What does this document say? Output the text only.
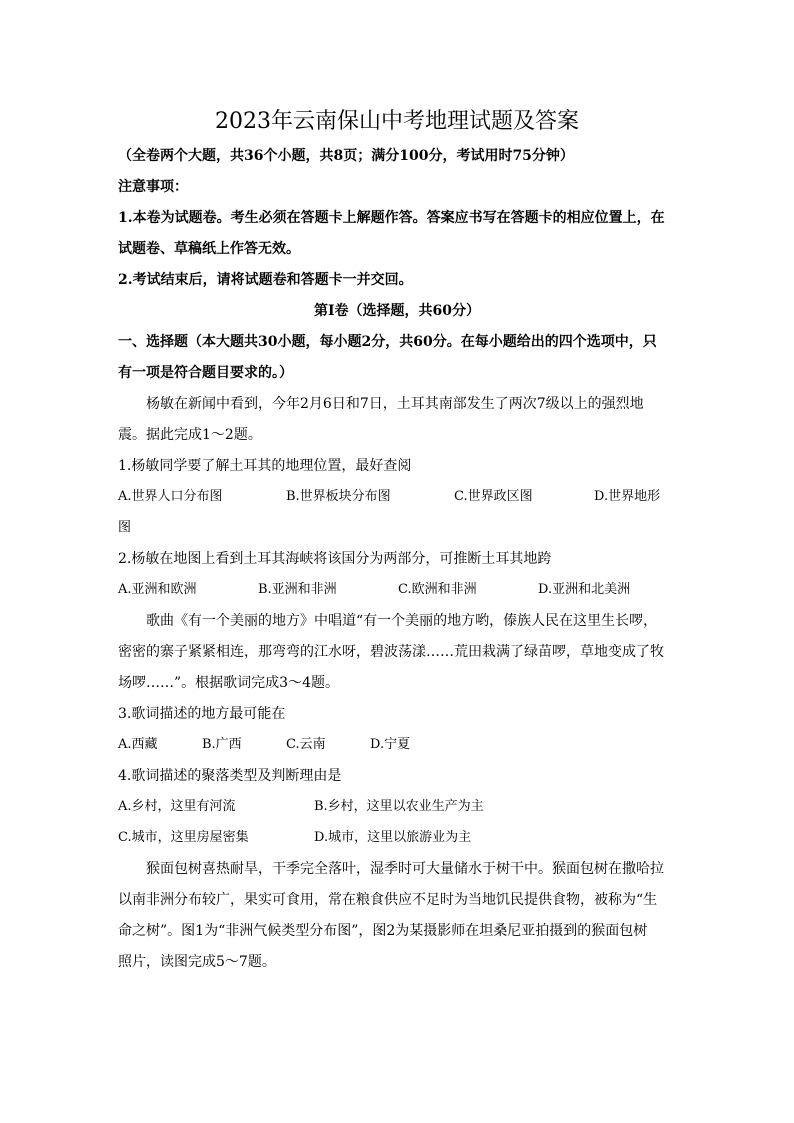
2023年云南保山中考地理试题及答案
（全卷两个大题，共36个小题，共8页；满分100分，考试用时75分钟）
注意事项：
1.本卷为试题卷。考生必须在答题卡上解题作答。答案应书写在答题卡的相应位置上，在
试题卷、草稿纸上作答无效。
2.考试结束后，请将试题卷和答题卡一并交回。
第Ⅰ卷（选择题，共60分）
一、选择题（本大题共30小题，每小题2分，共60分。在每小题给出的四个选项中，只
有一项是符合题目要求的。）
杨敏在新闻中看到，今年2月6日和7日，土耳其南部发生了两次7级以上的强烈地
震。据此完成1～2题。
1.杨敏同学要了解土耳其的地理位置，最好查阅
A.世界人口分布图	B.世界板块分布图	C.世界政区图	D.世界地形
图
2.杨敏在地图上看到土耳其海峡将该国分为两部分，可推断土耳其地跨
A.亚洲和欧洲	B.亚洲和非洲	C.欧洲和非洲	D.亚洲和北美洲
歌曲《有一个美丽的地方》中唱道“有一个美丽的地方哟，傣族人民在这里生长啰，
密密的寨子紧紧相连，那弯弯的江水呀，碧波荡漾……荒田栽满了绿苗啰，草地变成了牧
场啰……”。根据歌词完成3～4题。
3.歌词描述的地方最可能在
A.西藏	B.广西	C.云南	D.宁夏
4.歌词描述的聚落类型及判断理由是
A.乡村，这里有河流	B.乡村，这里以农业生产为主
C.城市，这里房屋密集	D.城市，这里以旅游业为主
猴面包树喜热耐旱，干季完全落叶，湿季时可大量储水于树干中。猴面包树在撒哈拉
以南非洲分布较广，果实可食用，常在粮食供应不足时为当地饥民提供食物，被称为“生
命之树”。图1为“非洲气候类型分布图”，图2为某摄影师在坦桑尼亚拍摄到的猴面包树
照片，读图完成5～7题。
